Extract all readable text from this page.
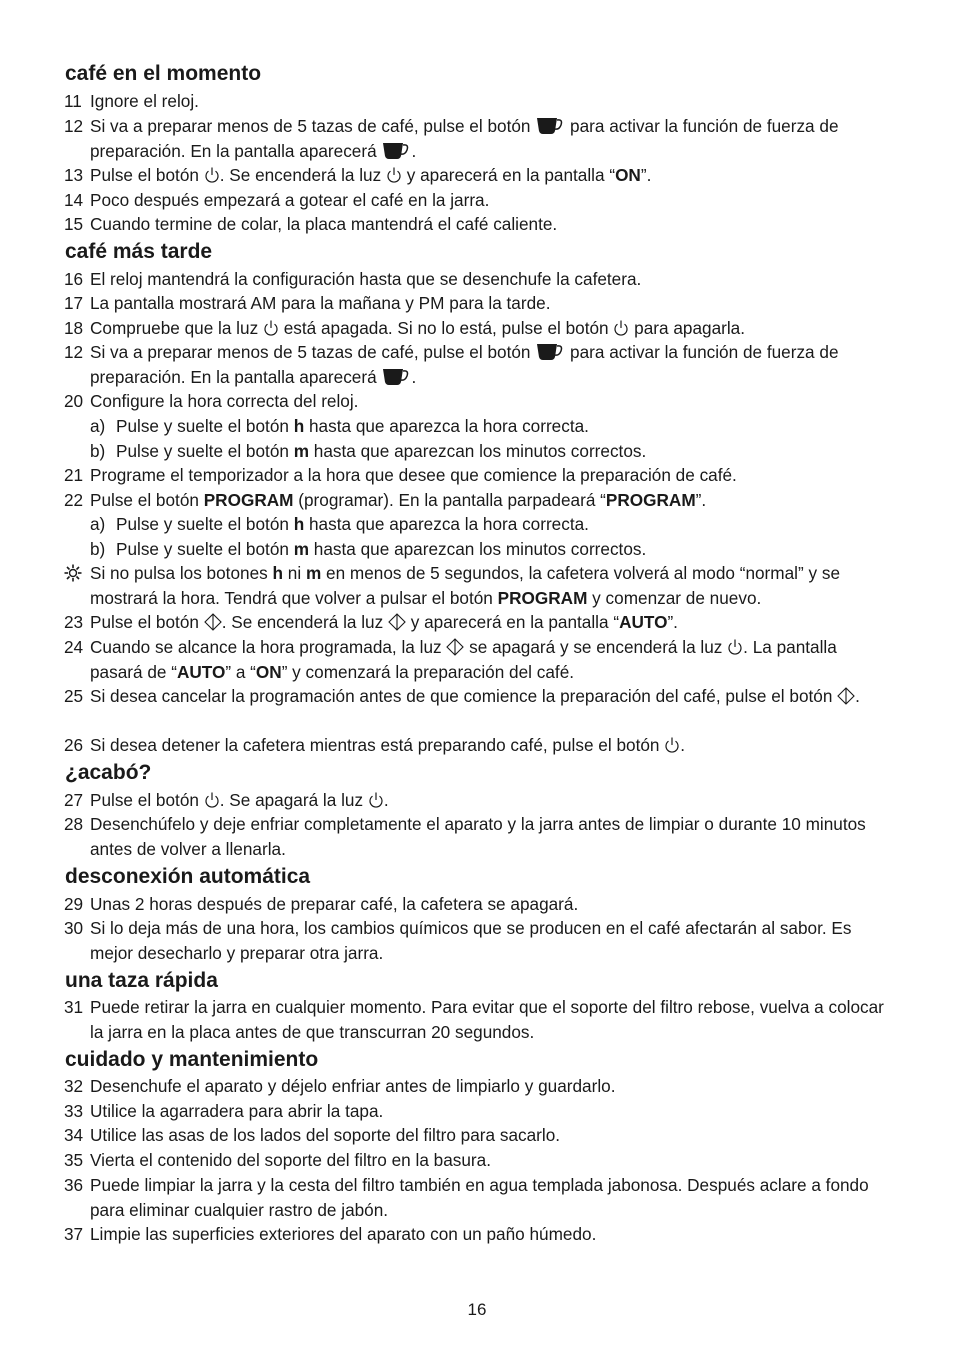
café en el momento
11 Ignore el reloj.
12 Si va a preparar menos de 5 tazas de café, pulse el botón
para activar la función de fuerza de preparación. En la pantalla aparecerá
.
13 Pulse el botón
. Se encenderá la luz
y aparecerá en la pantalla “ON”.
14 Poco después empezará a gotear el café en la jarra.
15 Cuando termine de colar, la placa mantendrá el café caliente.
café más tarde
16 El reloj mantendrá la configuración hasta que se desenchufe la cafetera.
17 La pantalla mostrará AM para la mañana y PM para la tarde.
18 Compruebe que la luz
está apagada. Si no lo está, pulse el botón
para apagarla.
12 Si va a preparar menos de 5 tazas de café, pulse el botón
para activar la función de fuerza de preparación. En la pantalla aparecerá
.
20 Configure la hora correcta del reloj.
a) Pulse y suelte el botón h hasta que aparezca la hora correcta.
b) Pulse y suelte el botón m hasta que aparezcan los minutos correctos.
21 Programe el temporizador a la hora que desee que comience la preparación de café.
22 Pulse el botón PROGRAM (programar). En la pantalla parpadeará “PROGRAM”.
a) Pulse y suelte el botón h hasta que aparezca la hora correcta.
b) Pulse y suelte el botón m hasta que aparezcan los minutos correctos.
Si no pulsa los botones h ni m en menos de 5 segundos, la cafetera volverá al modo “normal” y se mostrará la hora. Tendrá que volver a pulsar el botón PROGRAM y comenzar de nuevo.
23 Pulse el botón
. Se encenderá la luz
y aparecerá en la pantalla “AUTO”.
24 Cuando se alcance la hora programada, la luz
se apagará y se encenderá la luz
. La pantalla pasará de “AUTO” a “ON” y comenzará la preparación del café.
25 Si desea cancelar la programación antes de que comience la preparación del café, pulse el botón
.
26 Si desea detener la cafetera mientras está preparando café, pulse el botón
.
¿acabó?
27 Pulse el botón
. Se apagará la luz
.
28 Desenchúfelo y deje enfriar completamente el aparato y la jarra antes de limpiar o durante 10 minutos antes de volver a llenarla.
desconexión automática
29 Unas 2 horas después de preparar café, la cafetera se apagará.
30 Si lo deja más de una hora, los cambios químicos que se producen en el café afectarán al sabor. Es mejor desecharlo y preparar otra jarra.
una taza rápida
31 Puede retirar la jarra en cualquier momento. Para evitar que el soporte del filtro rebose, vuelva a colocar la jarra en la placa antes de que transcurran 20 segundos.
cuidado y mantenimiento
32 Desenchufe el aparato y déjelo enfriar antes de limpiarlo y guardarlo.
33 Utilice la agarradera para abrir la tapa.
34 Utilice las asas de los lados del soporte del filtro para sacarlo.
35 Vierta el contenido del soporte del filtro en la basura.
36 Puede limpiar la jarra y la cesta del filtro también en agua templada jabonosa. Después aclare a fondo para eliminar cualquier rastro de jabón.
37 Limpie las superficies exteriores del aparato con un paño húmedo.
16
